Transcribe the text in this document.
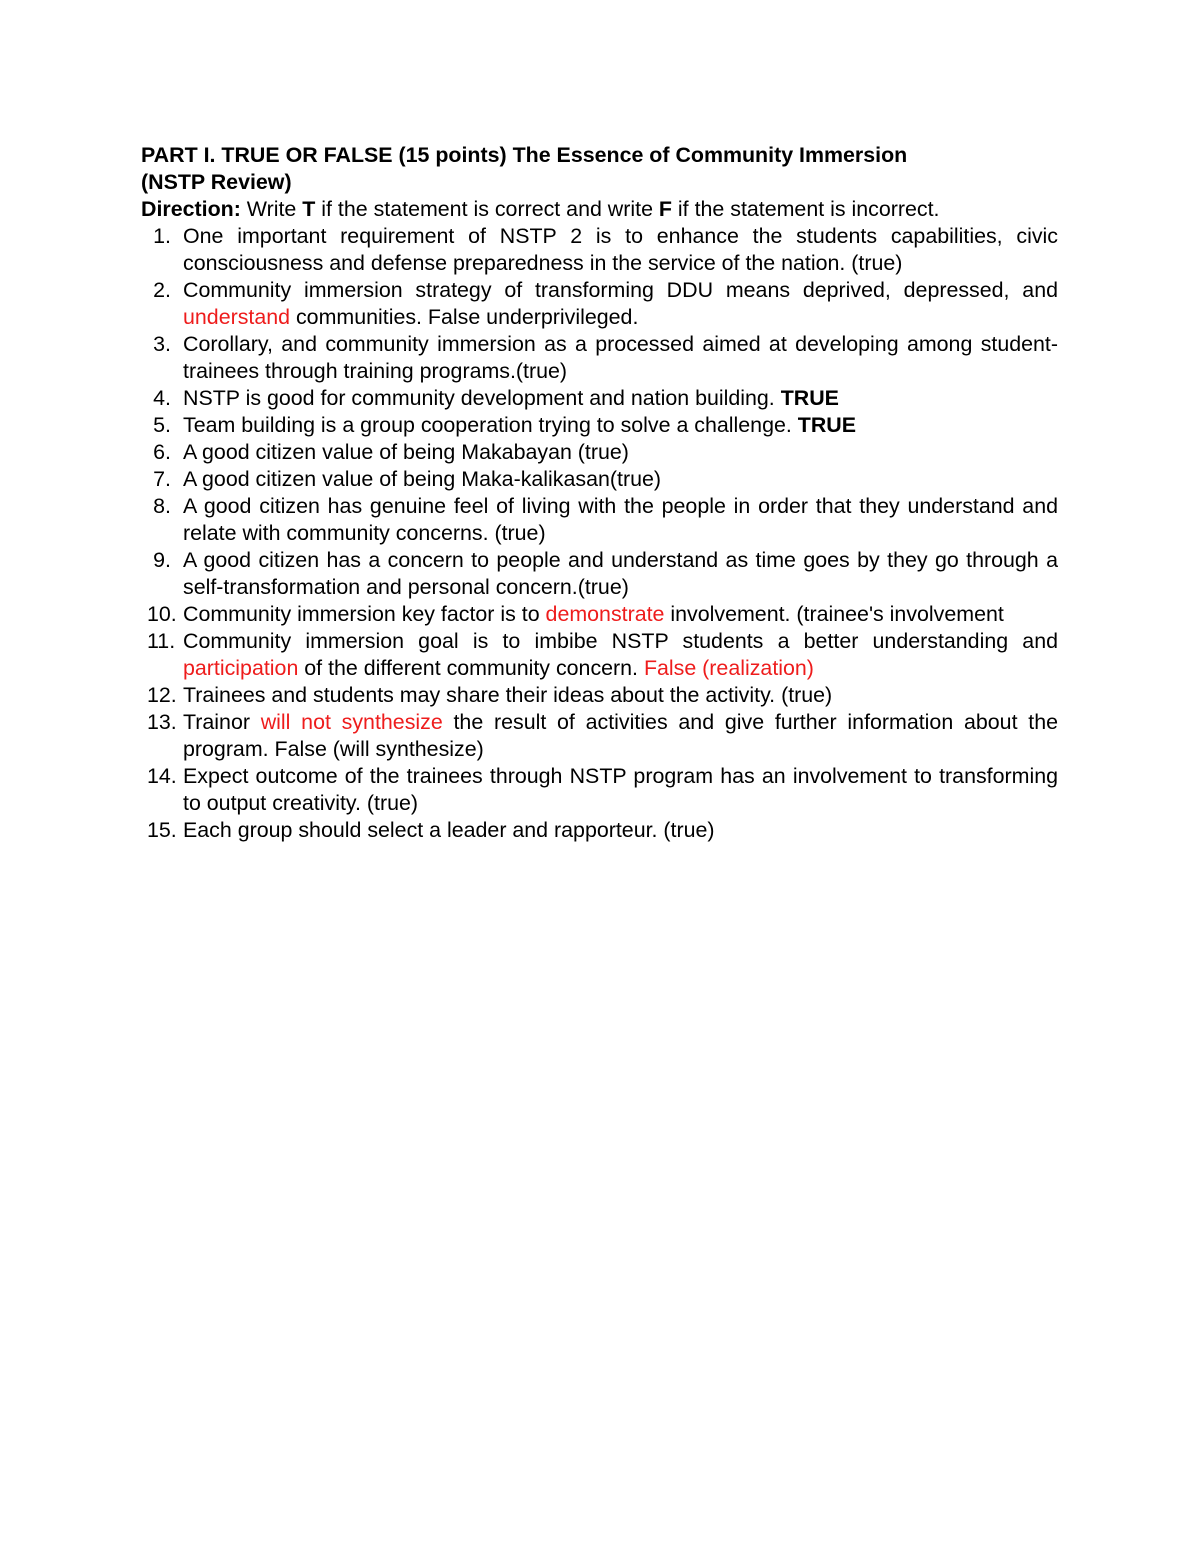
PART I. TRUE OR FALSE (15 points) The Essence of Community Immersion
(NSTP Review)
Direction: Write T if the statement is correct and write F if the statement is incorrect.
1. One important requirement of NSTP 2 is to enhance the students capabilities, civic consciousness and defense preparedness in the service of the nation. (true)
2. Community immersion strategy of transforming DDU means deprived, depressed, and understand communities. False underprivileged.
3. Corollary, and community immersion as a processed aimed at developing among student-trainees through training programs.(true)
4. NSTP is good for community development and nation building. TRUE
5. Team building is a group cooperation trying to solve a challenge. TRUE
6. A good citizen value of being Makabayan (true)
7. A good citizen value of being Maka-kalikasan(true)
8. A good citizen has genuine feel of living with the people in order that they understand and relate with community concerns. (true)
9. A good citizen has a concern to people and understand as time goes by they go through a self-transformation and personal concern.(true)
10. Community immersion key factor is to demonstrate involvement. (trainee's involvement
11. Community immersion goal is to imbibe NSTP students a better understanding and participation of the different community concern. False (realization)
12. Trainees and students may share their ideas about the activity. (true)
13. Trainor will not synthesize the result of activities and give further information about the program. False (will synthesize)
14. Expect outcome of the trainees through NSTP program has an involvement to transforming to output creativity. (true)
15. Each group should select a leader and rapporteur. (true)
